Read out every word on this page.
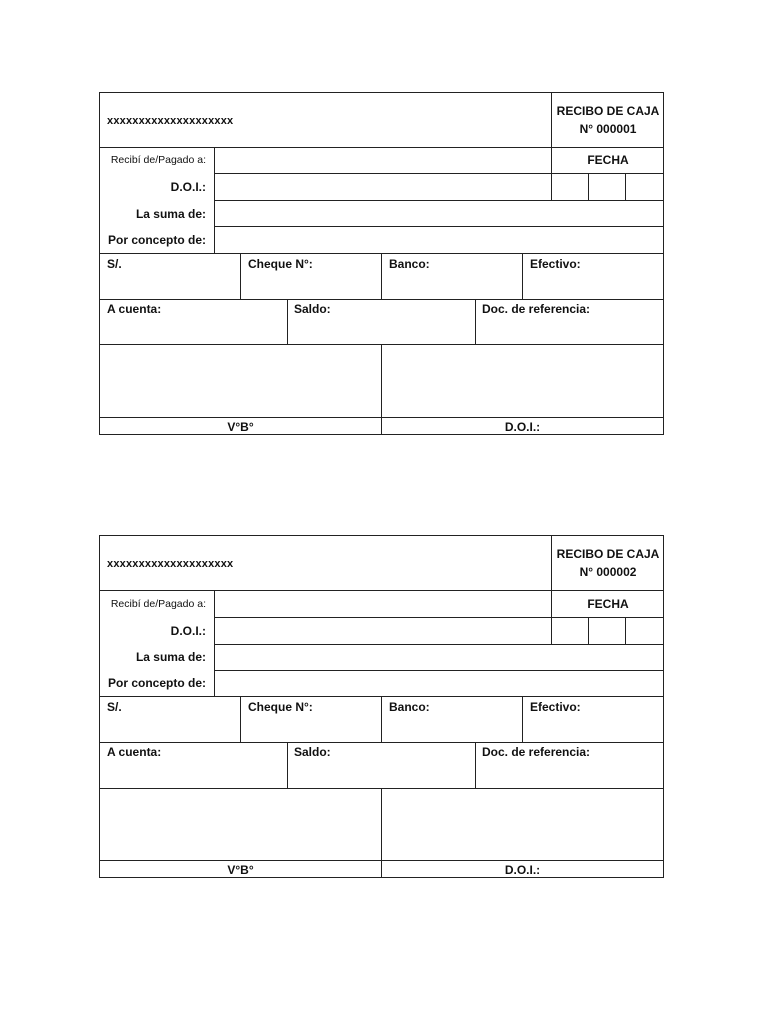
xxxxxxxxxxxxxxxxxxxx
RECIBO DE CAJA
N° 000001
Recibí de/Pagado a:	FECHA
D.O.I.:
La suma de:
Por concepto de:
S/.	Cheque N°:	Banco:	Efectivo:
A cuenta:	Saldo:	Doc. de referencia:
V°B°	D.O.I.:
xxxxxxxxxxxxxxxxxxxx
RECIBO DE CAJA
N° 000002
Recibí de/Pagado a:	FECHA
D.O.I.:
La suma de:
Por concepto de:
S/.	Cheque N°:	Banco:	Efectivo:
A cuenta:	Saldo:	Doc. de referencia:
V°B°	D.O.I.:
